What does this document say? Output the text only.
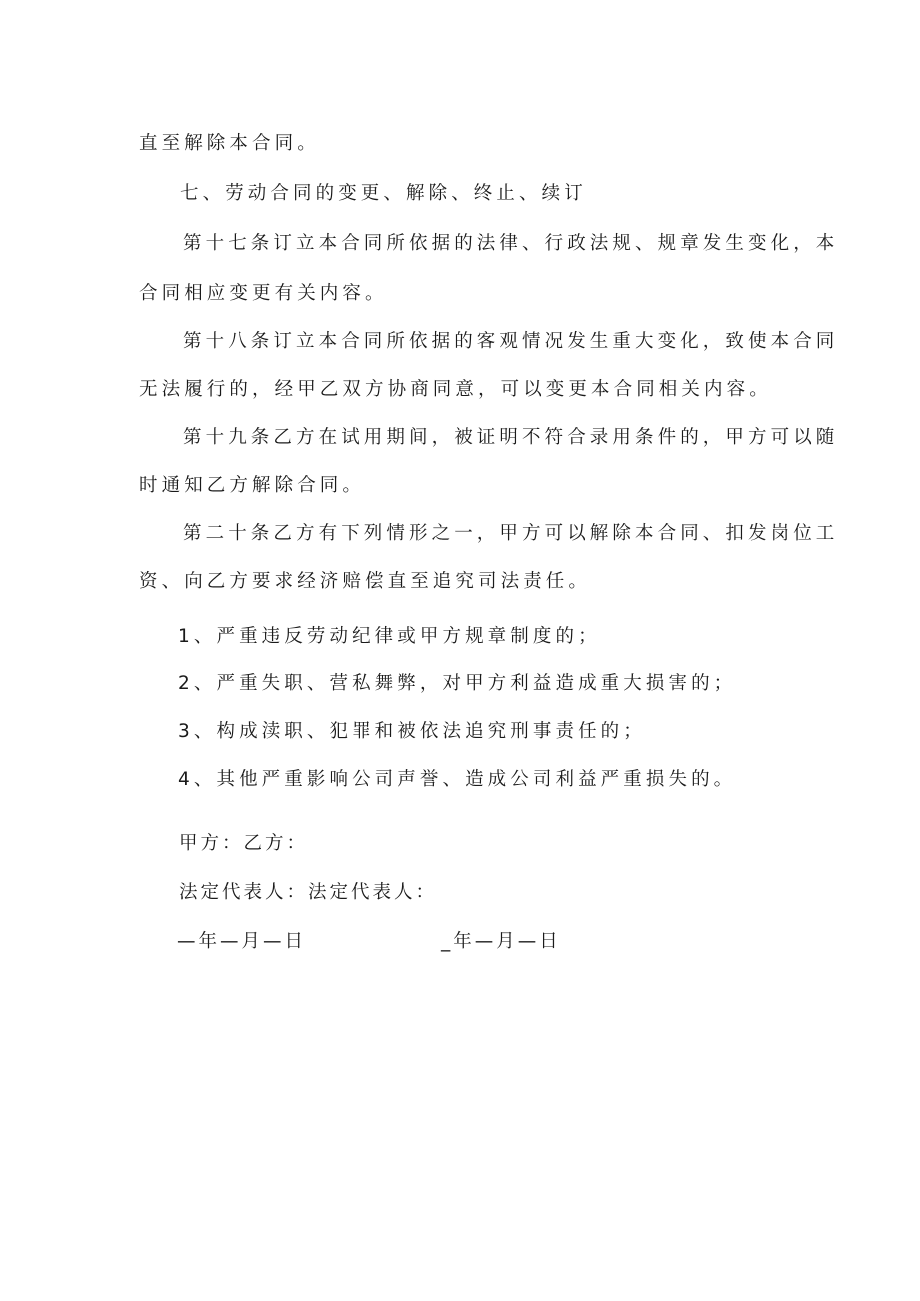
直至解除本合同。
七、劳动合同的变更、解除、终止、续订
第十七条订立本合同所依据的法律、行政法规、规章发生变化，本
合同相应变更有关内容。
第十八条订立本合同所依据的客观情况发生重大变化，致使本合同
无法履行的，经甲乙双方协商同意，可以变更本合同相关内容。
第十九条乙方在试用期间，被证明不符合录用条件的，甲方可以随
时通知乙方解除合同。
第二十条乙方有下列情形之一，甲方可以解除本合同、扣发岗位工
资、向乙方要求经济赔偿直至追究司法责任。
1、严重违反劳动纪律或甲方规章制度的；
2、严重失职、营私舞弊，对甲方利益造成重大损害的；
3、构成渎职、犯罪和被依法追究刑事责任的；
4、其他严重影响公司声誉、造成公司利益严重损失的。
甲方：乙方：
法定代表人：法定代表人：
—年—月—日	_年—月—日
